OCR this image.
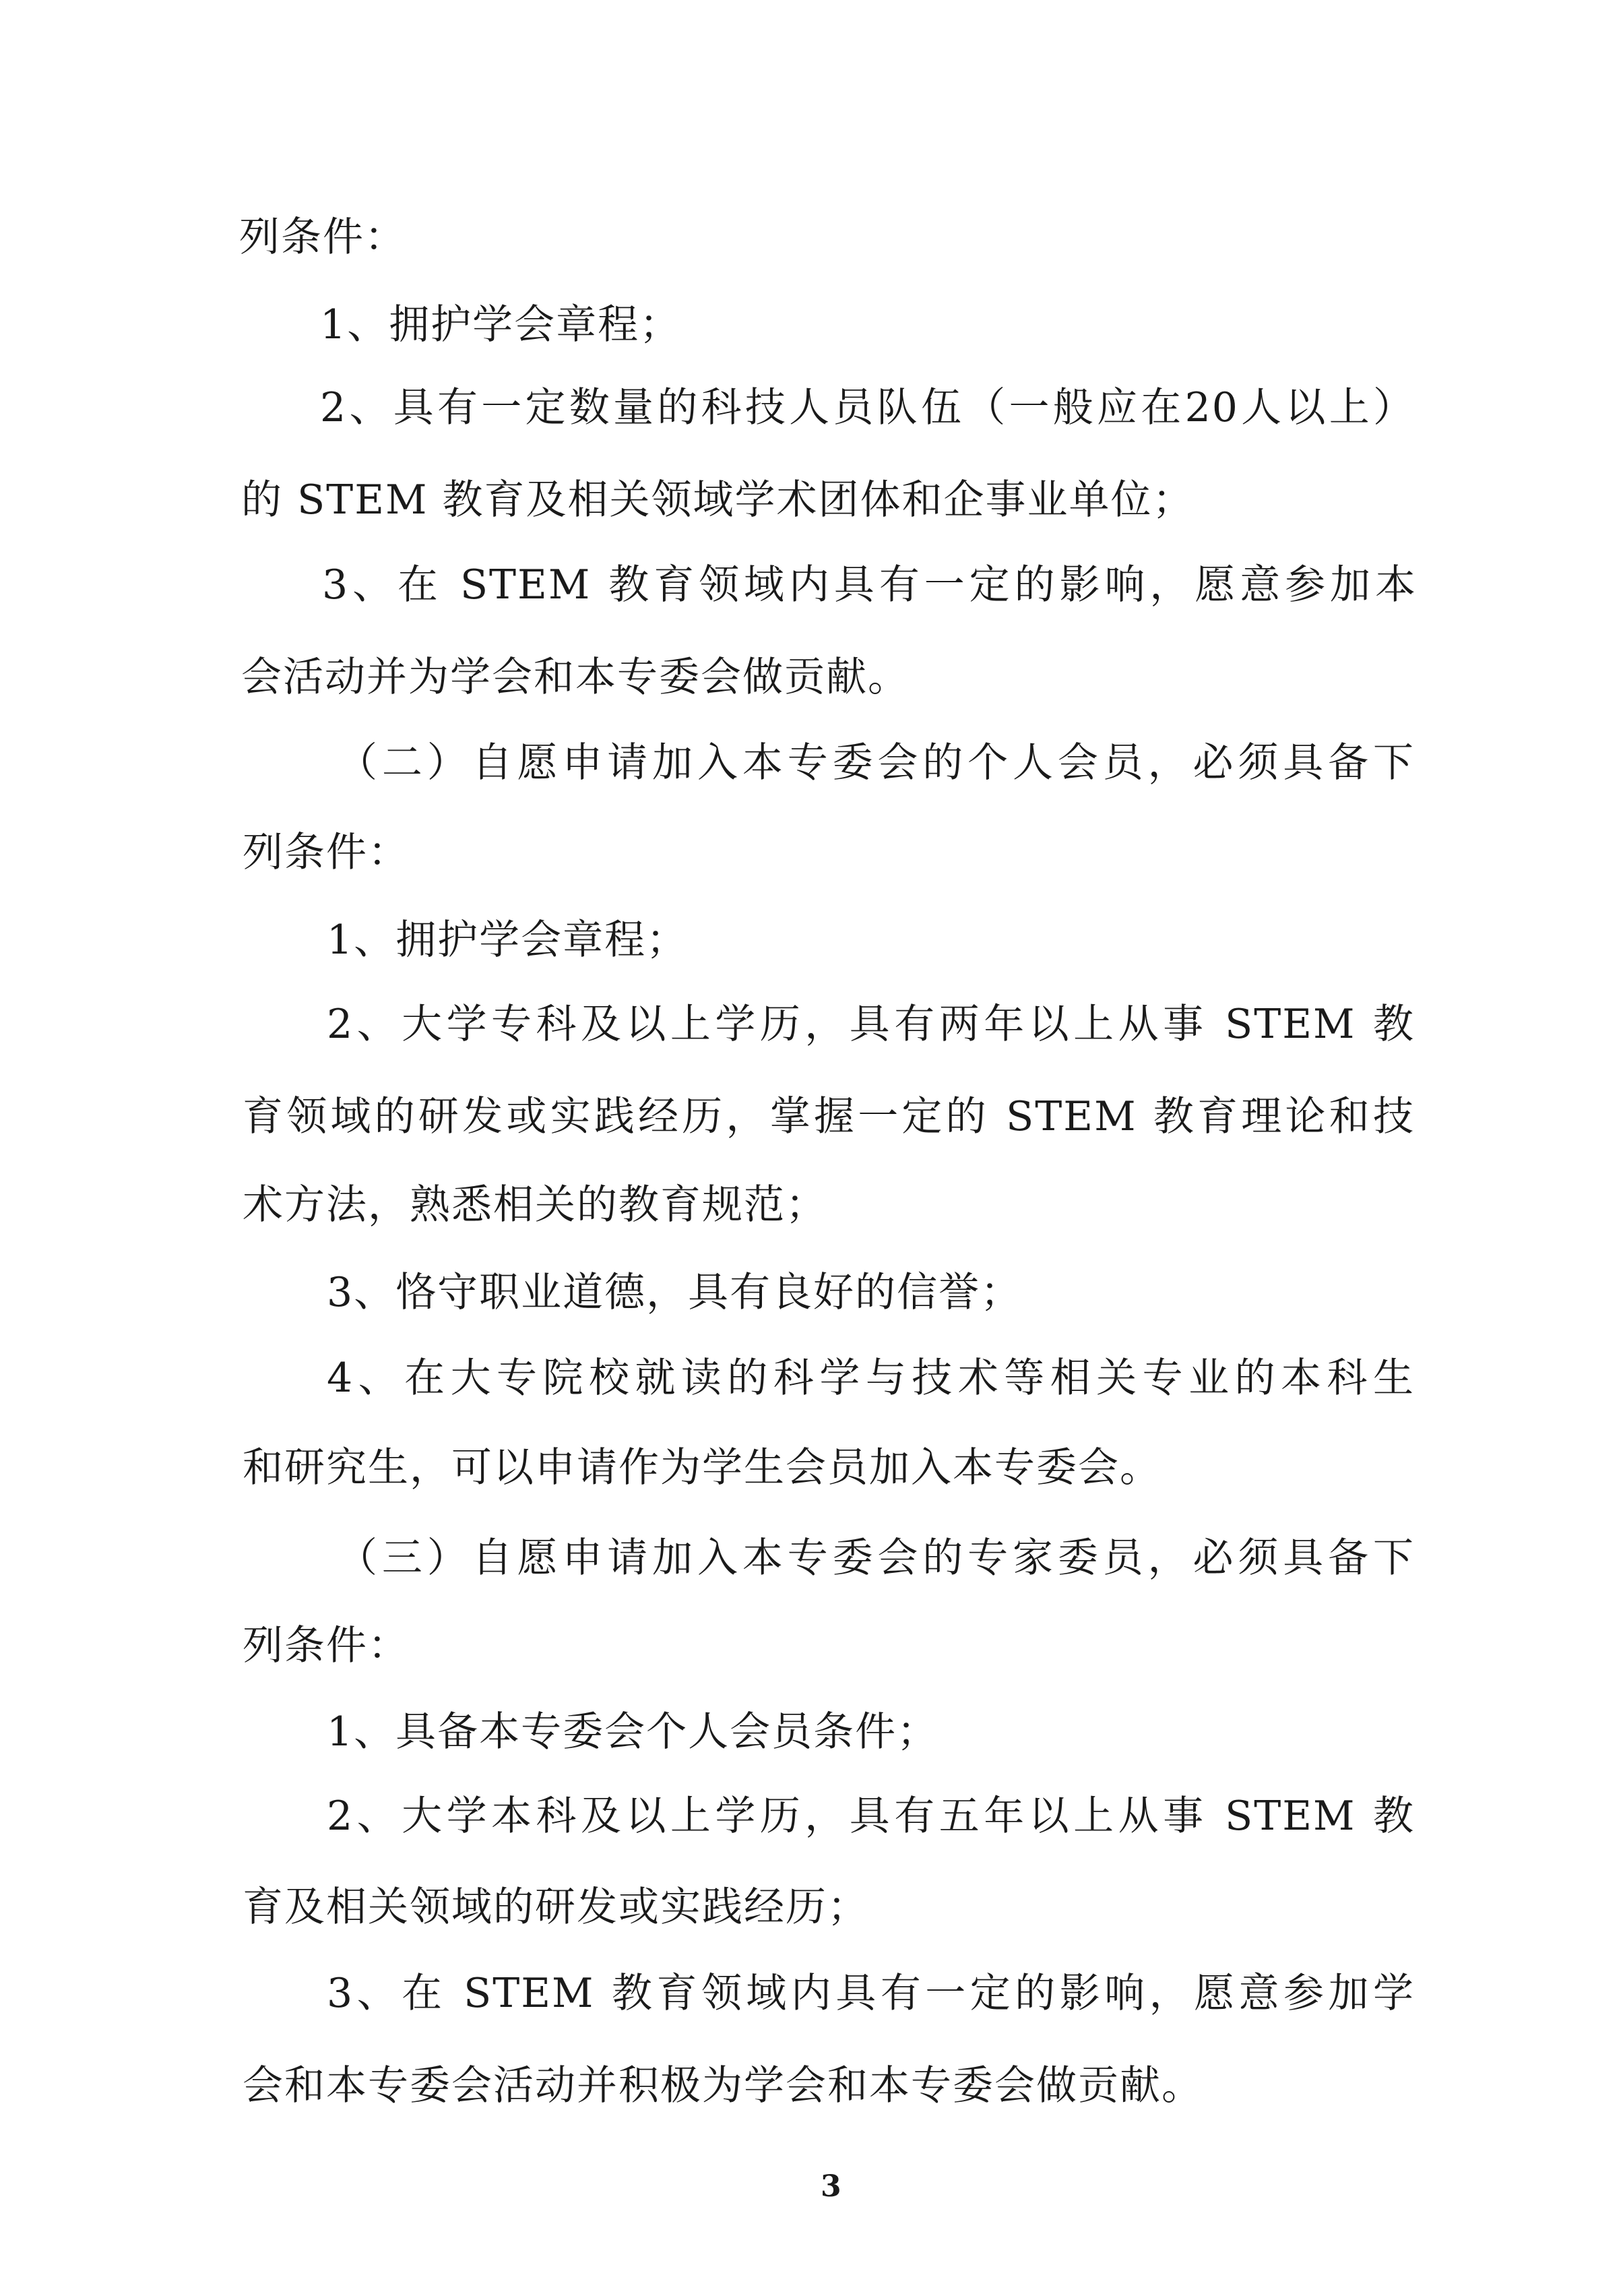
列条件：
1、拥护学会章程；
2、具有一定数量的科技人员队伍（一般应在20人以上）
的 STEM 教育及相关领域学术团体和企事业单位；
3、在 STEM 教育领域内具有一定的影响，愿意参加本
会活动并为学会和本专委会做贡献。
（二）自愿申请加入本专委会的个人会员，必须具备下
列条件：
1、拥护学会章程；
2、大学专科及以上学历，具有两年以上从事 STEM 教
育领域的研发或实践经历，掌握一定的 STEM 教育理论和技
术方法，熟悉相关的教育规范；
3、恪守职业道德，具有良好的信誉；
4、在大专院校就读的科学与技术等相关专业的本科生
和研究生，可以申请作为学生会员加入本专委会。
（三）自愿申请加入本专委会的专家委员，必须具备下
列条件：
1、具备本专委会个人会员条件；
2、大学本科及以上学历，具有五年以上从事 STEM 教
育及相关领域的研发或实践经历；
3、在 STEM 教育领域内具有一定的影响，愿意参加学
会和本专委会活动并积极为学会和本专委会做贡献。
3
